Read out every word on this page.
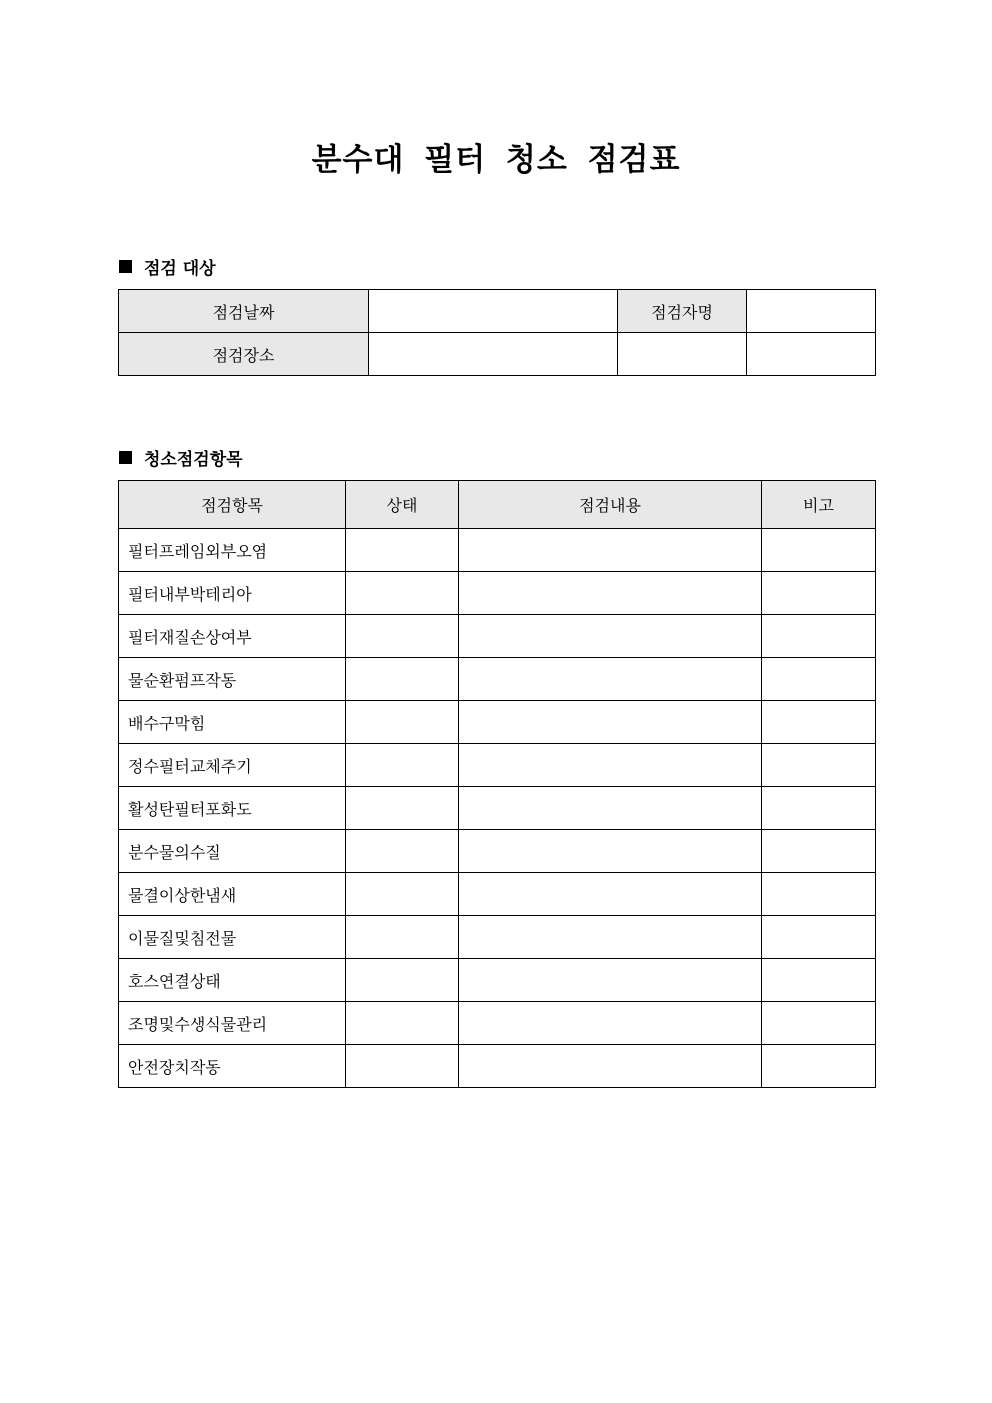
분수대 필터 청소 점검표
점검 대상
점검날짜		점검자명	
점검장소			
청소점검항목
점검항목	상태	점검내용	비고
필터프레임외부오염			
필터내부박테리아			
필터재질손상여부			
물순환펌프작동			
배수구막힘			
정수필터교체주기			
활성탄필터포화도			
분수물의수질			
물결이상한냄새			
이물질및침전물			
호스연결상태			
조명및수생식물관리			
안전장치작동			
